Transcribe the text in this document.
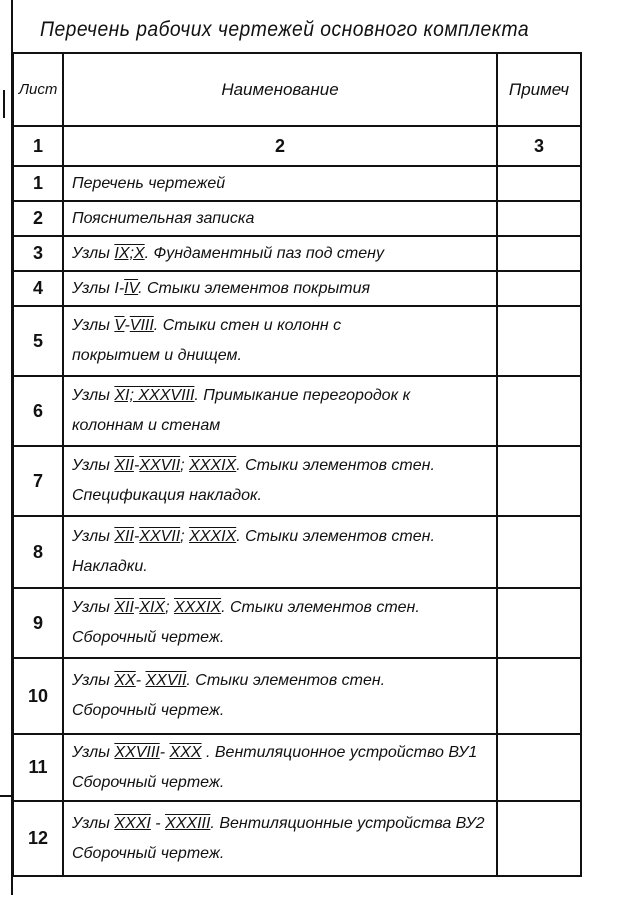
Перечень рабочих чертежей основного комплекта
Лист	Наименование	Примеч
1	2	3
1	Перечень чертежей	

2	Пояснительная записка	

3	Узлы IX;X. Фундаментный паз под стену	

4	Узлы I-IV. Стыки элементов покрытия	

5	Узлы V-VIII. Стыки стен и колонн с
покрытием и днищем.	

6	Узлы XI; XXXVIII. Примыкание перегородок к
колоннам и стенам	

7	Узлы XII-XXVII; XXXIX. Стыки элементов стен.
Спецификация накладок.	

8	Узлы XII-XXVII; XXXIX. Стыки элементов стен.
Накладки.	

9	Узлы XII-XIX; XXXIX. Стыки элементов стен.
Сборочный чертеж.	

10	Узлы XX- XXVII. Стыки элементов стен.
Сборочный чертеж.	

11	Узлы XXVIII- XXX . Вентиляционное устройство ВУ1
Сборочный чертеж.	

12	Узлы XXXI - XXXIII. Вентиляционные устройства ВУ2
Сборочный чертеж.	
